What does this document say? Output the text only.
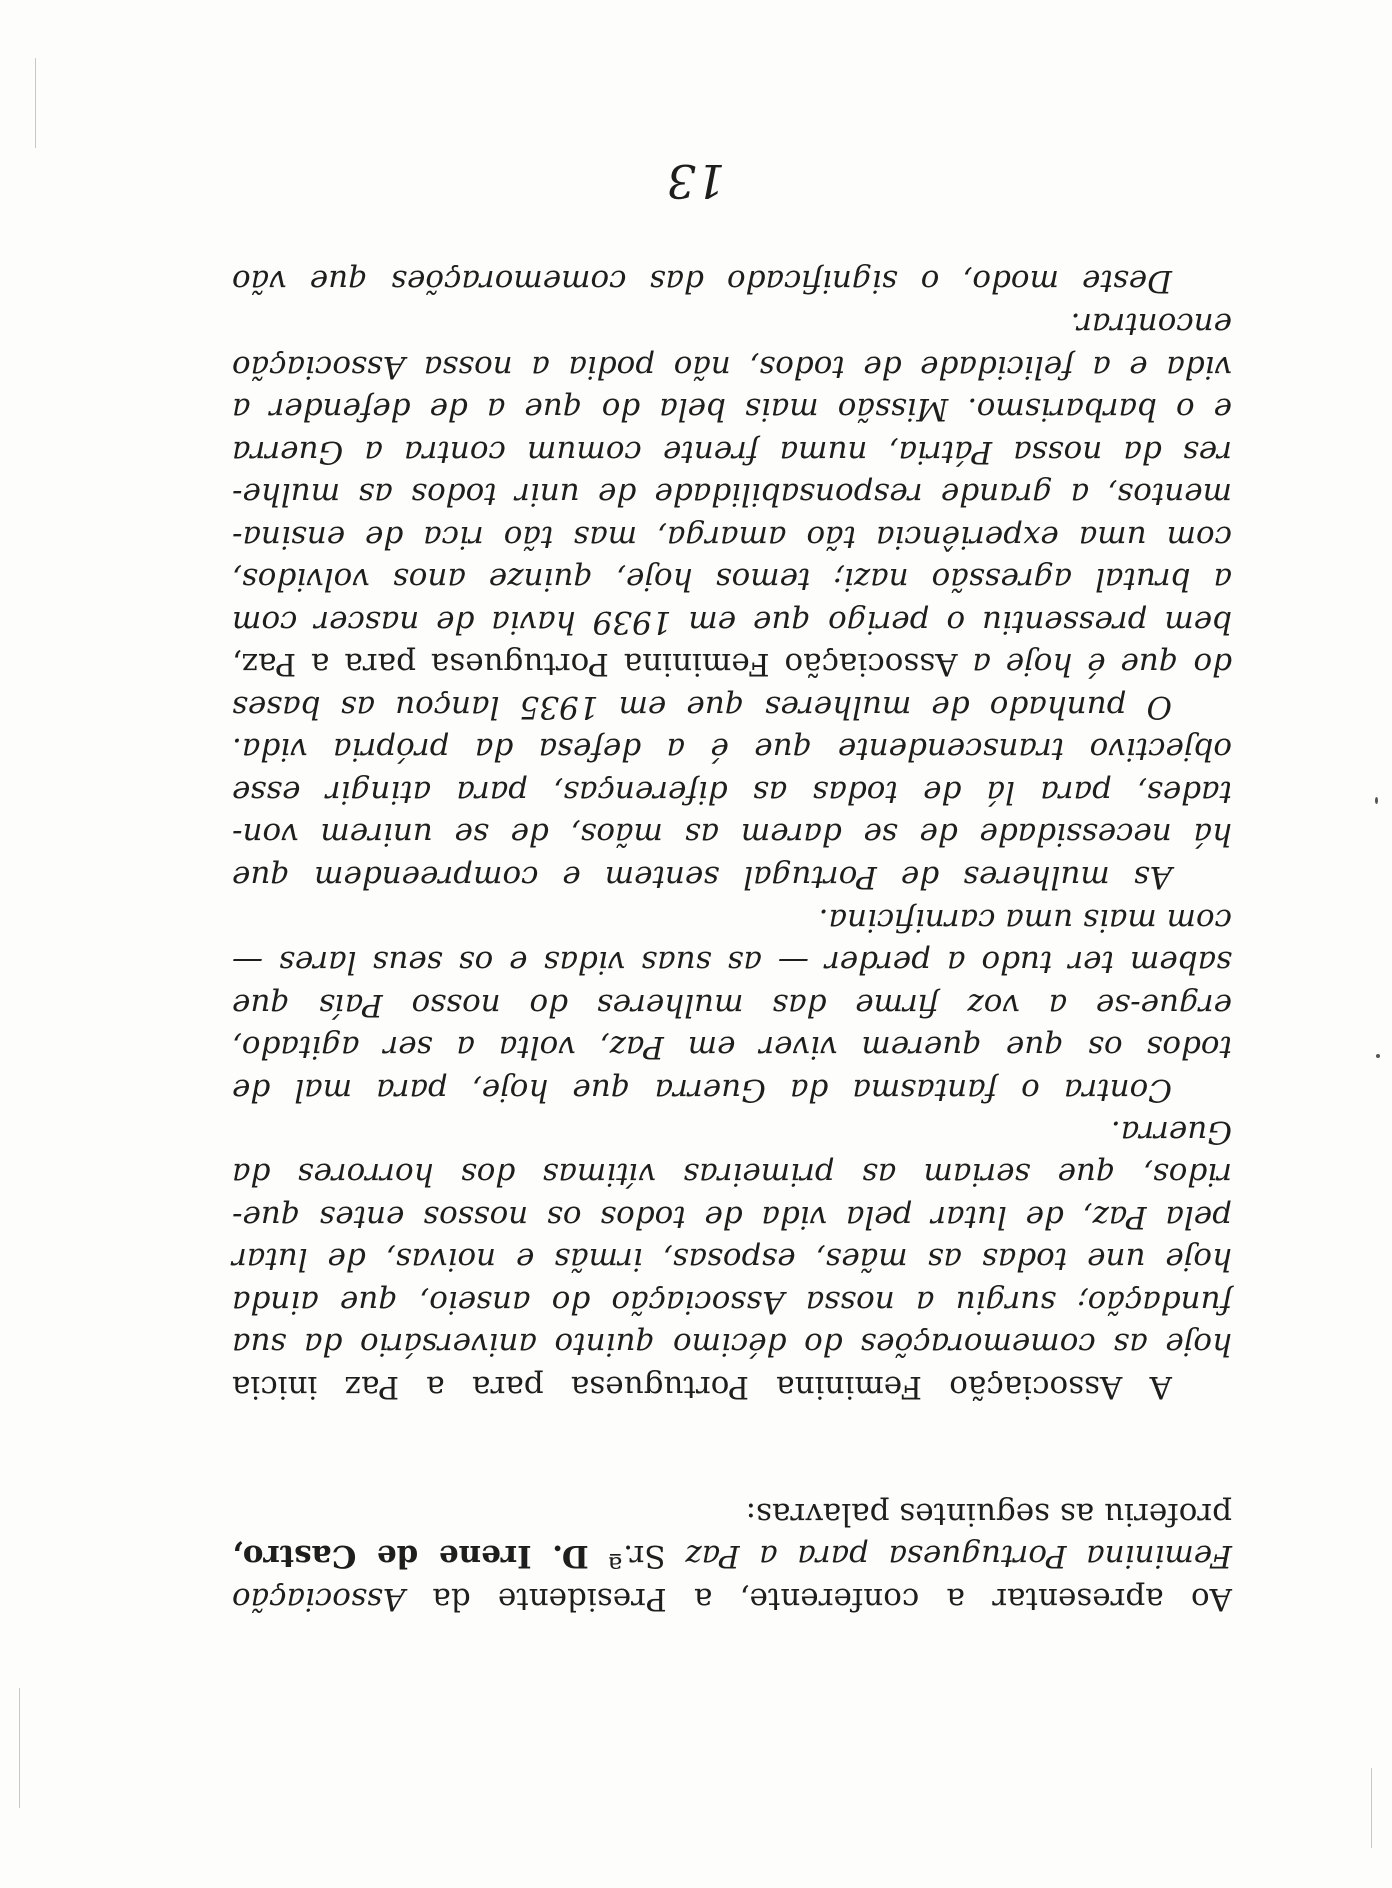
Ao apresentar a conferente, a Presidente da Associação
Feminina Portuguesa para a Paz Sr.ª D. Irene de Castro,
proferiu as seguintes palavras:
A Associação Feminina Portuguesa para a Paz inicia
hoje as comemorações do décimo quinto aniversário da sua
fundação; surgiu a nossa Associação do anseio, que ainda
hoje une todas as mães, esposas, irmãs e noivas, de lutar
pela Paz, de lutar pela vida de todos os nossos entes que-
ridos, que seriam as primeiras vítimas dos horrores da
Guerra.
Contra o fantasma da Guerra que hoje, para mal de
todos os que querem viver em Paz, volta a ser agitado,
ergue-se a voz firme das mulheres do nosso País que
sabem ter tudo a perder — as suas vidas e os seus lares —
com mais uma carnificina.
As mulheres de Portugal sentem e compreendem que
há necessidade de se darem as mãos, de se unirem von-
tades, para lá de todas as diferenças, para atingir esse
objectivo transcendente que é a defesa da própria vida.
O punhado de mulheres que em 1935 lançou as bases
do que é hoje a Associação Feminina Portuguesa para a Paz,
bem pressentiu o perigo que em 1939 havia de nascer com
a brutal agressão nazi; temos hoje, quinze anos volvidos,
com uma experiência tão amarga, mas tão rica de ensina-
mentos, a grande responsabilidade de unir todos as mulhe-
res da nossa Pátria, numa frente comum contra a Guerra
e o barbarismo. Missão mais bela do que a de defender a
vida e a felicidade de todos, não podia a nossa Associação
encontrar.
Deste modo, o significado das comemorações que vão
13
